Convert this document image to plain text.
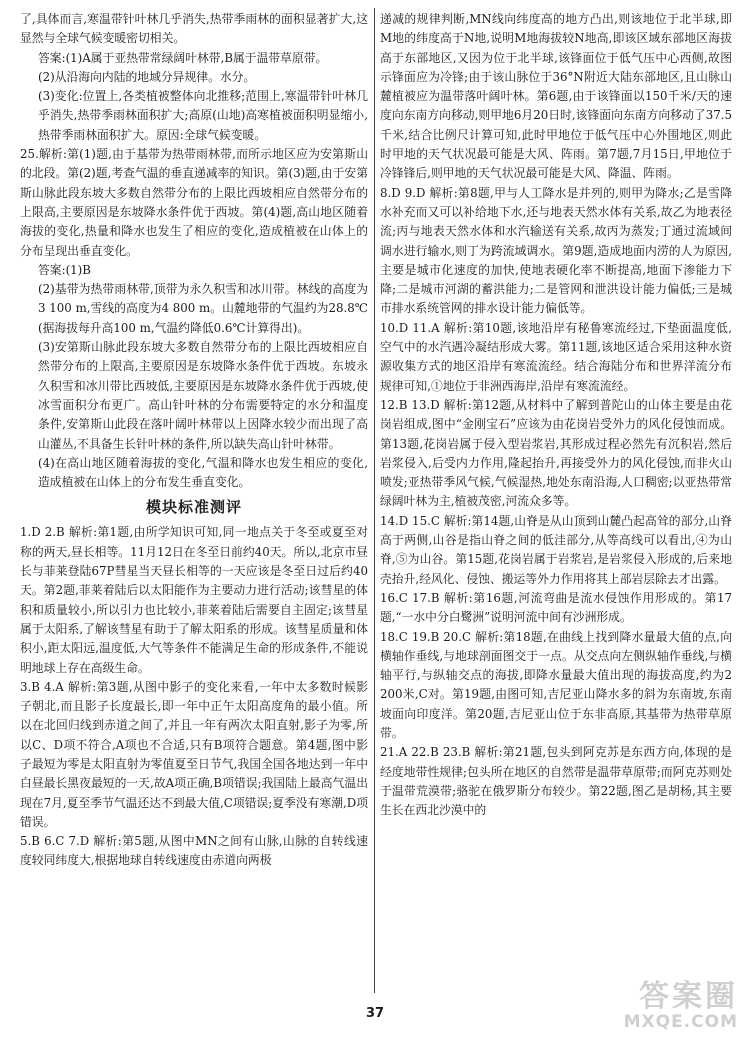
了,具体而言,寒温带针叶林几乎消失,热带季雨林的面积显著扩大,这显然与全球气候变暖密切相关。

答案:(1)A属于亚热带常绿阔叶林带,B属于温带草原带。

(2)从沿海向内陆的地域分异规律。水分。

(3)变化:位置上,各类植被整体向北推移;范围上,寒温带针叶林几乎消失,热带季雨林面积扩大;高原(山地)高寒植被面积明显缩小,热带季雨林面积扩大。原因:全球气候变暖。

25.解析:第(1)题,由于基带为热带雨林带,而所示地区应为安第斯山的北段。第(2)题,考查气温的垂直递减率的知识。第(3)题,由于安第斯山脉此段东坡大多数自然带分布的上限比西坡相应自然带分布的上限高,主要原因是东坡降水条件优于西坡。第(4)题,高山地区随着海拔的变化,热量和降水也发生了相应的变化,造成植被在山体上的分布呈现出垂直变化。

答案:(1)B

(2)基带为热带雨林带,顶带为永久积雪和冰川带。林线的高度为3 100 m,雪线的高度为4 800 m。山麓地带的气温约为28.8℃(据海拔每升高100 m,气温约降低0.6℃计算得出)。

(3)安第斯山脉此段东坡大多数自然带分布的上限比西坡相应自然带分布的上限高,主要原因是东坡降水条件优于西坡。东坡永久积雪和冰川带比西坡低,主要原因是东坡降水条件优于西坡,使冰雪面积分布更广。高山针叶林的分布需要特定的水分和温度条件,安第斯山此段在落叶阔叶林带以上因降水较少而出现了高山灌丛,不具备生长针叶林的条件,所以缺失高山针叶林带。

(4)在高山地区随着海拔的变化,气温和降水也发生相应的变化,造成植被在山体上的分布发生垂直变化。

模块标准测评

1.D 2.B 解析:第1题,由所学知识可知,同一地点关于冬至或夏至对称的两天,昼长相等。11月12日在冬至日前约40天。所以,北京市昼长与菲莱登陆67P彗星当天昼长相等的一天应该是冬至日过后约40天。第2题,菲莱着陆后以太阳能作为主要动力进行活动;该彗星的体积和质量较小,所以引力也比较小,菲莱着陆后需要自主固定;该彗星属于太阳系,了解该彗星有助于了解太阳系的形成。该彗星质量和体积小,距太阳远,温度低,大气等条件不能满足生命的形成条件,不能说明地球上存在高级生命。

3.B 4.A 解析:第3题,从图中影子的变化来看,一年中太多数时候影子朝北,而且影子长度最长,即一年中正午太阳高度角的最小值。所以在北回归线到赤道之间了,并且一年有两次太阳直射,影子为零,所以C、D项不符合,A项也不合适,只有B项符合题意。第4题,图中影子最短为零是太阳直射为零值夏至日节气,我国全国各地达到一年中白昼最长黑夜最短的一天,故A项正确,B项错误;我国陆上最高气温出现在7月,夏至季节气温还达不到最大值,C项错误;夏季没有寒潮,D项错误。

5.B 6.C 7.D 解析:第5题,从图中MN之间有山脉,山脉的自转线速度较同纬度大,根据地球自转线速度由赤道向两极

递减的规律判断,MN线向纬度高的地方凸出,则该地位于北半球,即M地的纬度高于N地,说明M地海拔较N地高,即该区域东部地区海拔高于东部地区,又因为位于北半球,该锋面位于低气压中心西侧,故图示锋面应为冷锋;由于该山脉位于36°N附近大陆东部地区,且山脉山麓植被应为温带落叶阔叶林。第6题,由于该锋面以150千米/天的速度向东南方向移动,则甲地6月20日时,该锋面向东南方向移动了37.5千米,结合比例尺计算可知,此时甲地位于低气压中心外围地区,则此时甲地的天气状况最可能是大风、阵雨。第7题,7月15日,甲地位于冷锋锋后,则甲地的天气状况最可能是大风、降温、阵雨。

8.D 9.D 解析:第8题,甲与人工降水是并列的,则甲为降水;乙是雪降水补充而又可以补给地下水,还与地表天然水体有关系,故乙为地表径流;丙与地表天然水体和水汽输送有关系,故丙为蒸发;丁通过流域间调水进行输水,则丁为跨流域调水。第9题,造成地面内涝的人为原因,主要是城市化速度的加快,使地表硬化率不断提高,地面下渗能力下降;二是城市河湖的蓄洪能力;二是管网和泄洪设计能力偏低;三是城市排水系统管网的排水设计能力偏低等。

10.D 11.A 解析:第10题,该地沿岸有秘鲁寒流经过,下垫面温度低,空气中的水汽遇冷凝结形成大雾。第11题,该地区适合采用这种水资源收集方式的地区沿岸有寒流流经。结合海陆分布和世界洋流分布规律可知,①地位于非洲西海岸,沿岸有寒流流经。

12.B 13.D 解析:第12题,从材料中了解到普陀山的山体主要是由花岗岩组成,图中“金刚宝石”应该为由花岗岩受外力的风化侵蚀而成。第13题,花岗岩属于侵入型岩浆岩,其形成过程必然先有沉积岩,然后岩浆侵入,后受内力作用,隆起抬升,再接受外力的风化侵蚀,而非火山喷发;亚热带季风气候,气候湿热,地处东南沿海,人口稠密;以亚热带常绿阔叶林为主,植被茂密,河流众多等。

14.D 15.C 解析:第14题,山脊是从山顶到山麓凸起高耸的部分,山脊高于两侧,山谷是指山脊之间的低洼部分,从等高线可以看出,④为山脊,⑤为山谷。第15题,花岗岩属于岩浆岩,是岩浆侵入形成的,后来地壳抬升,经风化、侵蚀、搬运等外力作用将其上部岩层除去才出露。

16.C 17.B 解析:第16题,河流弯曲是流水侵蚀作用形成的。第17题,“一水中分白鹭洲”说明河流中间有沙洲形成。

18.C 19.B 20.C 解析:第18题,在曲线上找到降水量最大值的点,向横轴作垂线,与地球剖面图交于一点。从交点向左侧纵轴作垂线,与横轴平行,与纵轴交点的海拔,即降水量最大值出现的海拔高度,约为2 200米,C对。第19题,由图可知,吉尼亚山降水多的斜为东南坡,东南坡面向印度洋。第20题,吉尼亚山位于东非高原,其基带为热带草原带。

21.A 22.B 23.B 解析:第21题,包头到阿克苏是东西方向,体现的是经度地带性规律;包头所在地区的自然带是温带草原带;而阿克苏则处于温带荒漠带;骆驼在俄罗斯分布较少。第22题,图乙是胡杨,其主要生长在西北沙漠中的

37	答案圈
MXQE.COM
